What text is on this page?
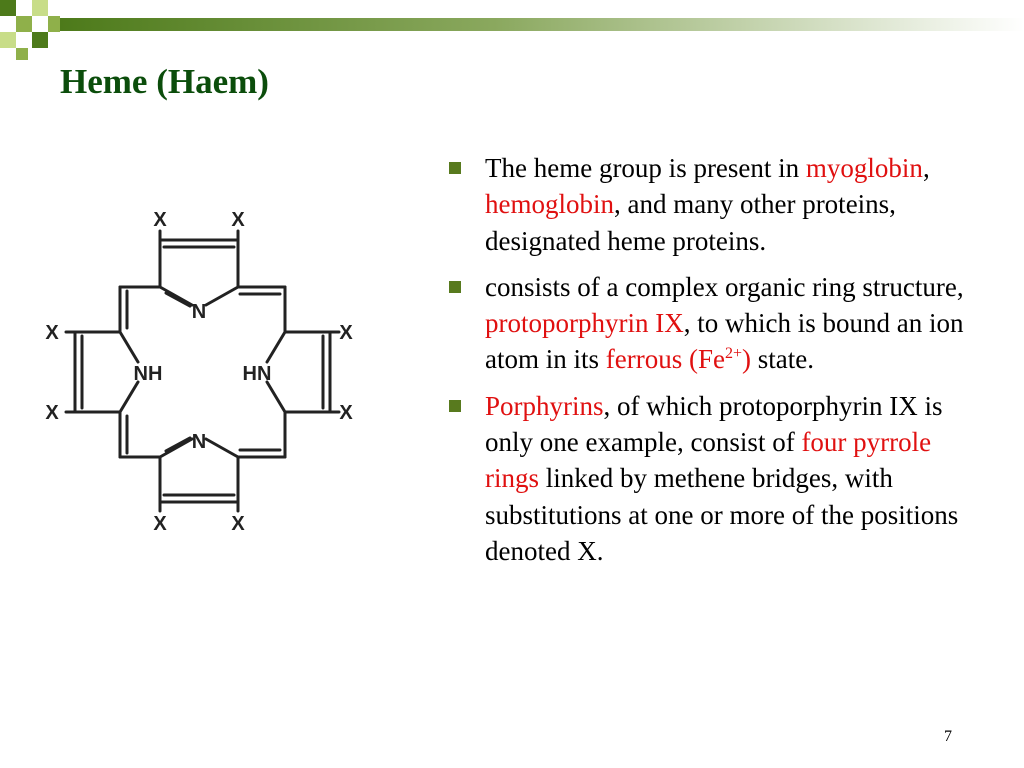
Heme (Haem)
N
N
NH	HN
X	X
X	X
X	X
X	X
The heme group is present in myoglobin, hemoglobin, and many other proteins, designated heme proteins.
consists of a complex organic ring structure, protoporphyrin IX, to which is bound an ion atom in its ferrous $(Fe^{2+})$ state.
Porphyrins, of which protoporphyrin IX is only one example, consist of four pyrrole rings linked by methene bridges, with substitutions at one or more of the positions denoted X.
7
